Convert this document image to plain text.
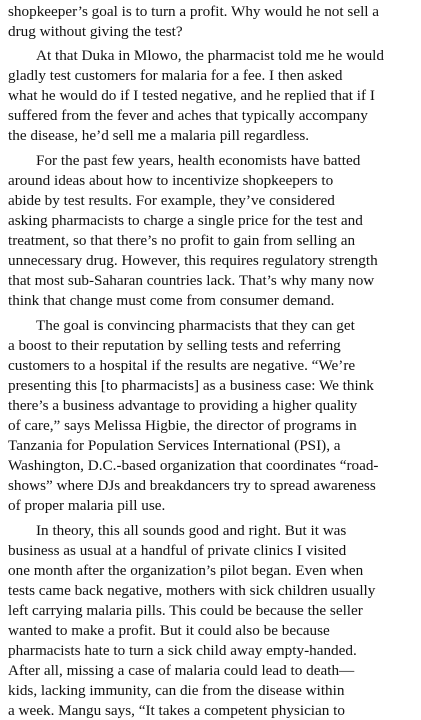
shopkeeper’s goal is to turn a profit. Why would he not sell a
drug without giving the test?
At that Duka in Mlowo, the pharmacist told me he would
gladly test customers for malaria for a fee. I then asked
what he would do if I tested negative, and he replied that if I
suffered from the fever and aches that typically accompany
the disease, he’d sell me a malaria pill regardless.
For the past few years, health economists have batted
around ideas about how to incentivize shopkeepers to
abide by test results. For example, they’ve considered
asking pharmacists to charge a single price for the test and
treatment, so that there’s no profit to gain from selling an
unnecessary drug. However, this requires regulatory strength
that most sub-Saharan countries lack. That’s why many now
think that change must come from consumer demand.
The goal is convincing pharmacists that they can get
a boost to their reputation by selling tests and referring
customers to a hospital if the results are negative. “We’re
presenting this [to pharmacists] as a business case: We think
there’s a business advantage to providing a higher quality
of care,” says Melissa Higbie, the director of programs in
Tanzania for Population Services International (PSI), a
Washington, D.C.-based organization that coordinates “road-
shows” where DJs and breakdancers try to spread awareness
of proper malaria pill use.
In theory, this all sounds good and right. But it was
business as usual at a handful of private clinics I visited
one month after the organization’s pilot began. Even when
tests came back negative, mothers with sick children usually
left carrying malaria pills. This could be because the seller
wanted to make a profit. But it could also be because
pharmacists hate to turn a sick child away empty-handed.
After all, missing a case of malaria could lead to death—
kids, lacking immunity, can die from the disease within
a week. Mangu says, “It takes a competent physician to
